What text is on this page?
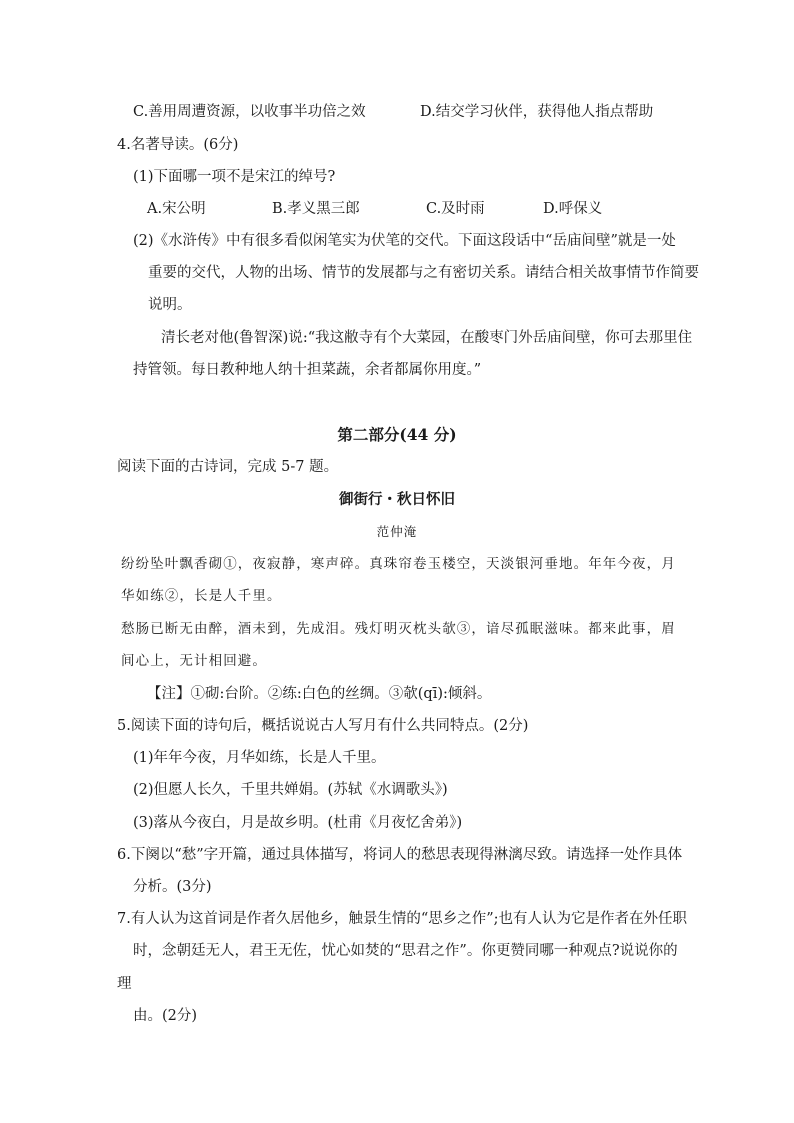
C.善用周遭资源，以收事半功倍之效	D.结交学习伙伴，获得他人指点帮助
4.名著导读。(6分)
(1)下面哪一项不是宋江的绰号?
A.宋公明	B.孝义黑三郎	C.及时雨	D.呼保义
(2)《水浒传》中有很多看似闲笔实为伏笔的交代。下面这段话中“岳庙间壁”就是一处
重要的交代，人物的出场、情节的发展都与之有密切关系。请结合相关故事情节作简要
说明。
清长老对他(鲁智深)说:“我这敝寺有个大菜园，在酸枣门外岳庙间壁，你可去那里住
持管领。每日教种地人纳十担菜蔬，余者都属你用度。”
第二部分(44 分)
阅读下面的古诗词，完成 5-7 题。
御街行・秋日怀旧
范仲淹
纷纷坠叶飘香砌①，夜寂静，寒声碎。真珠帘卷玉楼空，天淡银河垂地。年年今夜，月
华如练②，长是人千里。
愁肠已断无由醉，酒未到，先成泪。残灯明灭枕头欹③，谙尽孤眠滋味。都来此事，眉
间心上，无计相回避。
【注】①砌:台阶。②练:白色的丝绸。③欹(qī):倾斜。
5.阅读下面的诗句后，概括说说古人写月有什么共同特点。(2分)
(1)年年今夜，月华如练，长是人千里。
(2)但愿人长久，千里共婵娟。(苏轼《水调歌头》)
(3)落从今夜白，月是故乡明。(杜甫《月夜忆舍弟》)
6.下阕以“愁”字开篇，通过具体描写，将词人的愁思表现得淋漓尽致。请选择一处作具体
分析。(3分)
7.有人认为这首词是作者久居他乡，触景生情的“思乡之作”;也有人认为它是作者在外任职
时，念朝廷无人，君王无佐，忧心如焚的“思君之作”。你更赞同哪一种观点?说说你的
理
由。(2分)
